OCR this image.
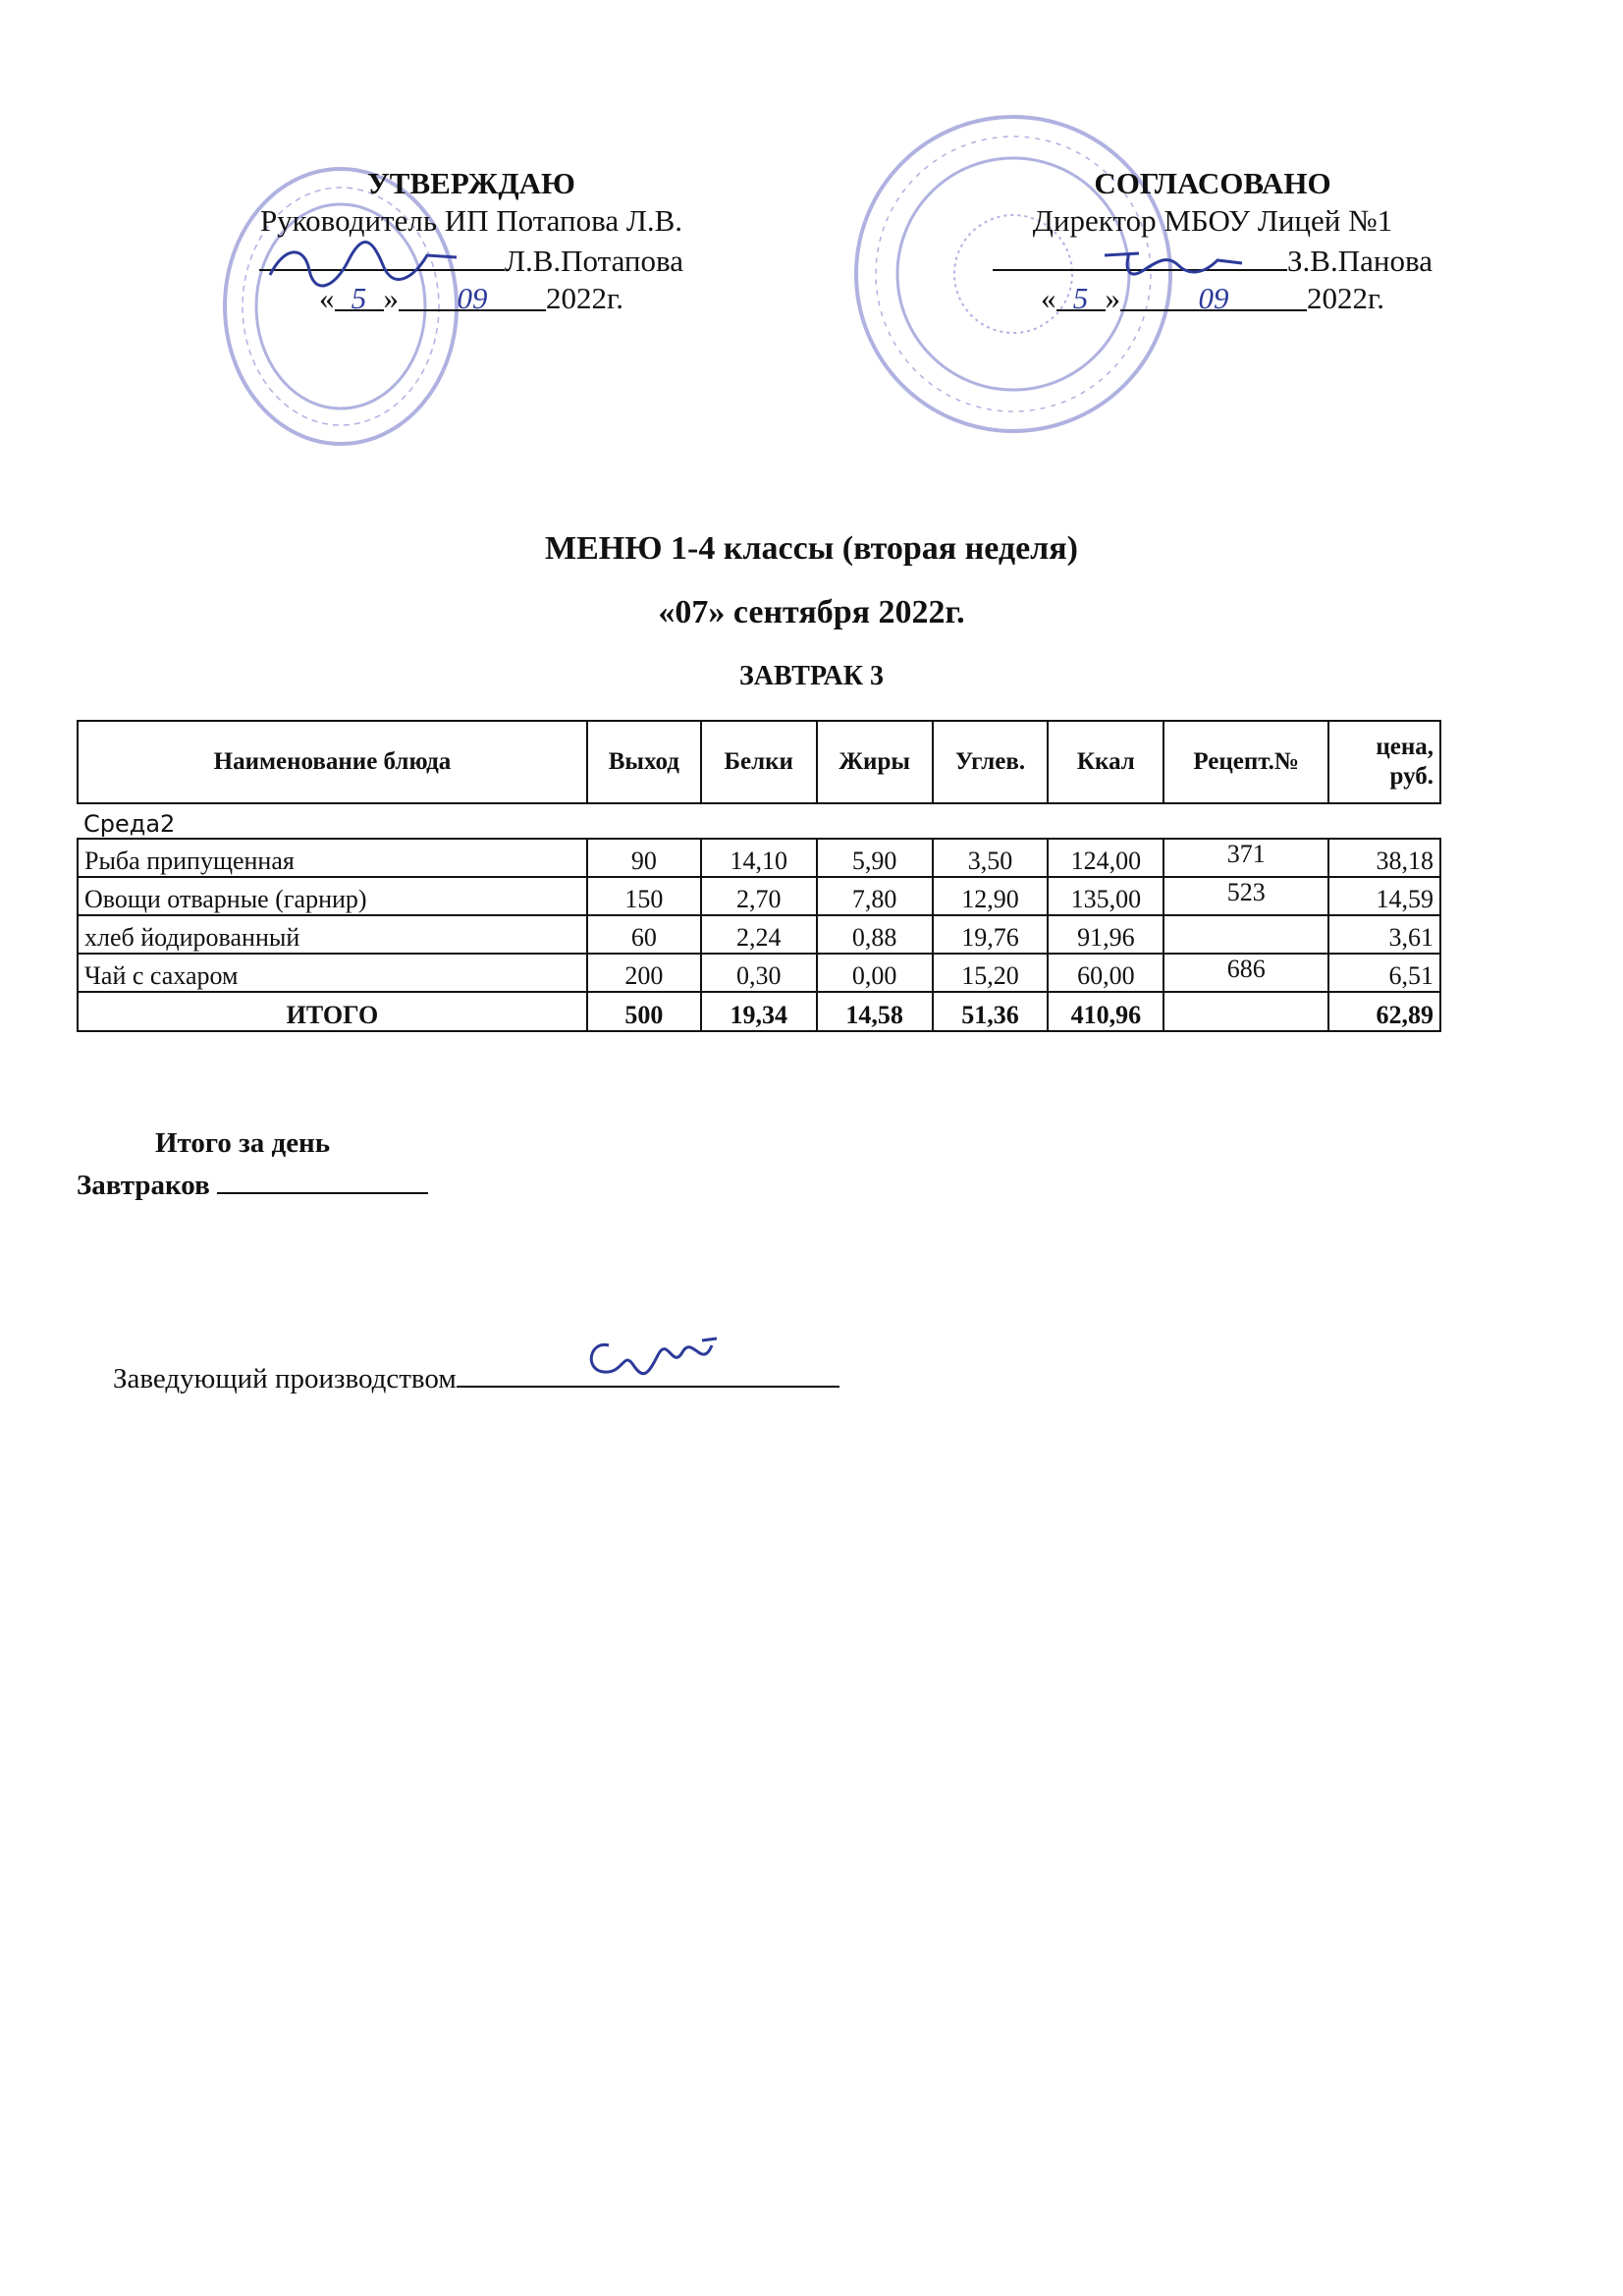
УТВЕРЖДАЮ
Руководитель ИП Потапова Л.В.
Л.В.Потапова
« 5 » 09 2022г.
СОГЛАСОВАНО
Директор МБОУ Лицей №1
З.В.Панова
« 5 »	09	2022г.
МЕНЮ 1-4 классы (вторая неделя)
«07» сентября 2022г.
ЗАВТРАК 3
Наименование блюда	Выход	Белки	Жиры	Углев.	Ккал	Рецепт.№	цена,
руб.
Среда2							
Рыба припущенная	90	14,10	5,90	3,50	124,00	371	38,18
Овощи отварные (гарнир)	150	2,70	7,80	12,90	135,00	523	14,59
хлеб йодированный	60	2,24	0,88	19,76	91,96		3,61
Чай с сахаром	200	0,30	0,00	15,20	60,00	686	6,51
ИТОГО	500	19,34	14,58	51,36	410,96		62,89
Итого за день
Завтраков
Заведующий производством
